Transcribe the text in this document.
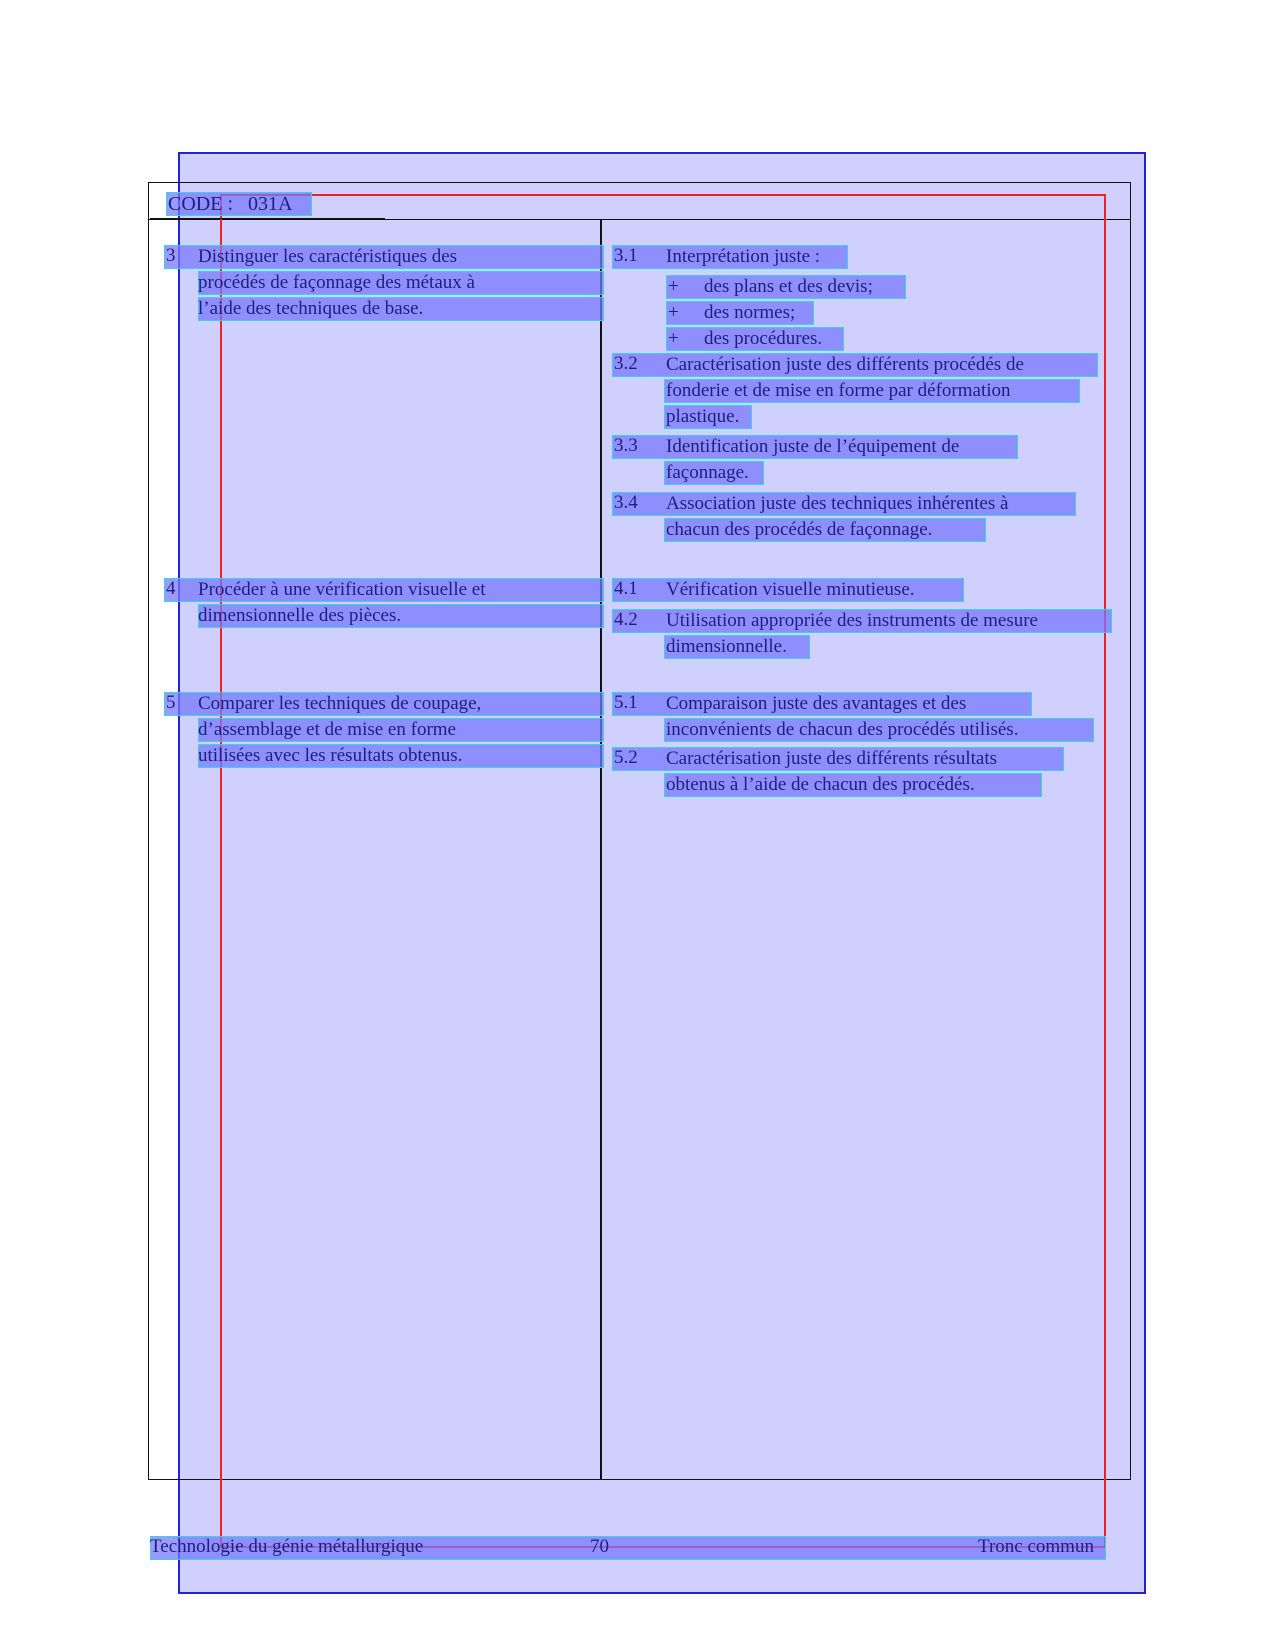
CODE : 031A
3 Distinguer les caractéristiques des
procédés de façonnage des métaux à
l’aide des techniques de base.
4 Procéder à une vérification visuelle et
dimensionnelle des pièces.
5 Comparer les techniques de coupage,
d’assemblage et de mise en forme
utilisées avec les résultats obtenus.
3.1 Interprétation juste :
+ des plans et des devis;
+ des normes;
+ des procédures.
3.2 Caractérisation juste des différents procédés de
fonderie et de mise en forme par déformation
plastique.
3.3 Identification juste de l’équipement de
façonnage.
3.4 Association juste des techniques inhérentes à
chacun des procédés de façonnage.
4.1 Vérification visuelle minutieuse.
4.2 Utilisation appropriée des instruments de mesure
dimensionnelle.
5.1 Comparaison juste des avantages et des
inconvénients de chacun des procédés utilisés.
5.2 Caractérisation juste des différents résultats
obtenus à l’aide de chacun des procédés.
Technologie du génie métallurgique	70	Tronc commun
